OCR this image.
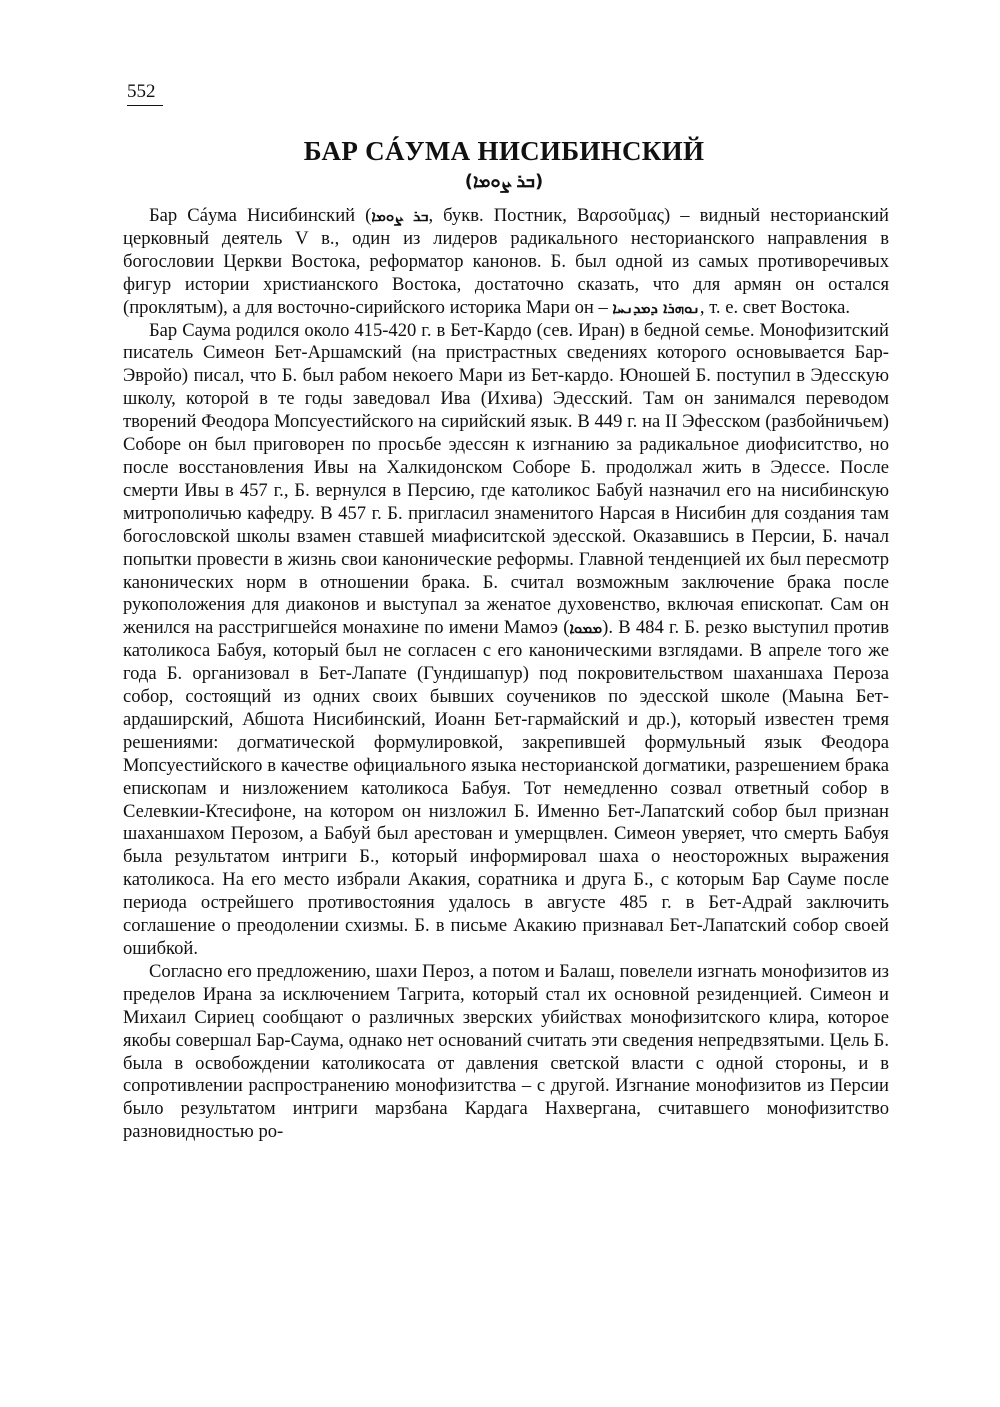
552
БАР СÁУМА НИСИБИНСКИЙ
(ܒܪ ܨܘܡܐ)

Бар Сáума Нисибинский (ܒܪ ܨܘܡܐ, букв. Постник, Βαρσοῦμας) – видный несторианский церковный деятель V в., один из лидеров радикального несторианского направления в богословии Церкви Востока, реформатор канонов. Б. был одной из самых противоречивых фигур истории христианского Востока, достаточно сказать, что для армян он остался (проклятым), а для восточно-сирийского историка Мари он – ܢܘܗܪܐ ܕܡܕܢܚܐ, т. е. свет Востока.

Бар Саума родился около 415-420 г. в Бет-Кардо (сев. Иран) в бедной семье. Монофизитский писатель Симеон Бет-Аршамский (на пристрастных сведениях которого основывается Бар-Эвройо) писал, что Б. был рабом некоего Мари из Бет-кардо. Юношей Б. поступил в Эдесскую школу, которой в те годы заведовал Ива (Ихива) Эдесский. Там он занимался переводом творений Феодора Мопсуестийского на сирийский язык. В 449 г. на II Эфесском (разбойничьем) Соборе он был приговорен по просьбе эдессян к изгнанию за радикальное диофиситство, но после восстановления Ивы на Халкидонском Соборе Б. продолжал жить в Эдессе. После смерти Ивы в 457 г., Б. вернулся в Персию, где католикос Бабуй назначил его на нисибинскую митрополичью кафедру. В 457 г. Б. пригласил знаменитого Нарсая в Нисибин для создания там богословской школы взамен ставшей миафиситской эдесской. Оказавшись в Персии, Б. начал попытки провести в жизнь свои канонические реформы. Главной тенденцией их был пересмотр канонических норм в отношении брака. Б. считал возможным заключение брака после рукоположения для диаконов и выступал за женатое духовенство, включая епископат. Сам он женился на расстригшейся монахине по имени Мамоэ (ܡܡܘܐ). В 484 г. Б. резко выступил против католикоса Бабуя, который был не согласен с его каноническими взглядами. В апреле того же года Б. организовал в Бет-Лапате (Гундишапур) под покровительством шаханшаха Пероза собор, состоящий из одних своих бывших соучеников по эдесской школе (Маына Бет-ардаширский, Абшота Нисибинский, Иоанн Бет-гармайский и др.), который известен тремя решениями: догматической формулировкой, закрепившей формульный язык Феодора Мопсуестийского в качестве официального языка несторианской догматики, разрешением брака епископам и низложением католикоса Бабуя. Тот немедленно созвал ответный собор в Селевкии-Ктесифоне, на котором он низложил Б. Именно Бет-Лапатский собор был признан шаханшахом Перозом, а Бабуй был арестован и умерщвлен. Симеон уверяет, что смерть Бабуя была результатом интриги Б., который информировал шаха о неосторожных выражения католикоса. На его место избрали Акакия, соратника и друга Б., с которым Бар Сауме после периода острейшего противостояния удалось в августе 485 г. в Бет-Адрай заключить соглашение о преодолении схизмы. Б. в письме Акакию признавал Бет-Лапатский собор своей ошибкой.

Согласно его предложению, шахи Пероз, а потом и Балаш, повелели изгнать монофизитов из пределов Ирана за исключением Тагрита, который стал их основной резиденцией. Симеон и Михаил Сириец сообщают о различных зверских убийствах монофизитского клира, которое якобы совершал Бар-Саума, однако нет оснований считать эти сведения непредвзятыми. Цель Б. была в освобождении католикосата от давления светской власти с одной стороны, и в сопротивлении распространению монофизитства – с другой. Изгнание монофизитов из Персии было результатом интриги марзбана Кардага Нахвергана, считавшего монофизитство разновидностью ро-
